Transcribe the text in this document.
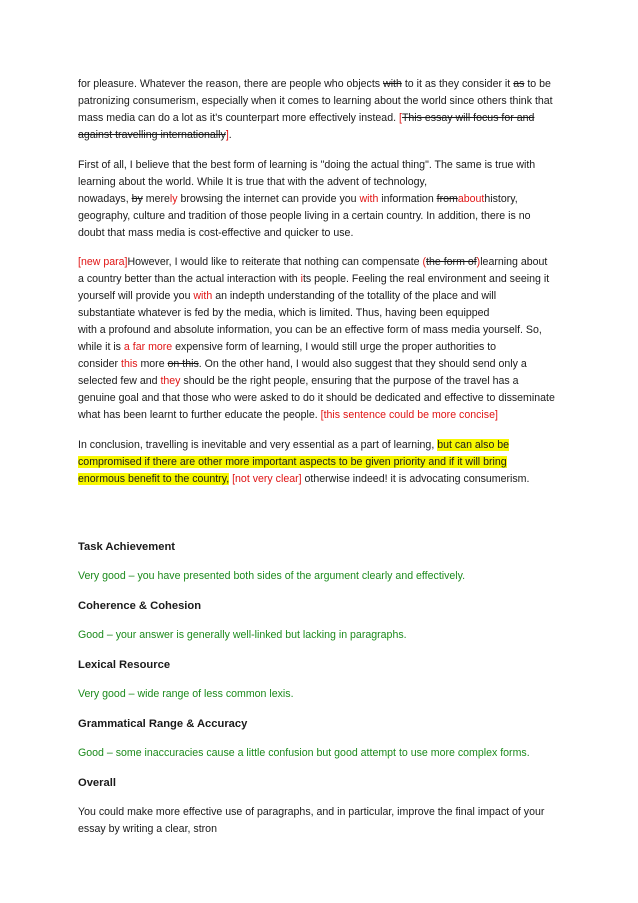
for pleasure. Whatever the reason, there are people who objects with to it as they consider it as to be
patronizing consumerism, especially when it comes to learning about the world since others think that
mass media can do a lot as it's counterpart more effectively instead. [This essay will focus for and
against travelling internationally].
First of all, I believe that the best form of learning is "doing the actual thing". The same is true with
learning about the world. While It is true that with the advent of technology,
nowadays, by merely browsing the internet can provide you with information fromabouthistory,
geography, culture and tradition of those people living in a certain country. In addition, there is no
doubt that mass media is cost-effective and quicker to use.
[new para]However, I would like to reiterate that nothing can compensate (the form of)learning about
a country better than the actual interaction with its people. Feeling the real environment and seeing it
yourself will provide you with an indepth understanding of the totallity of the place and will
substantiate whatever is fed by the media, which is limited. Thus, having been equipped
with a profound and absolute information, you can be an effective form of mass media yourself. So,
while it is a far more expensive form of learning, I would still urge the proper authorities to
consider this more on this. On the other hand, I would also suggest that they should send only a
selected few and they should be the right people, ensuring that the purpose of the travel has a
genuine goal and that those who were asked to do it should be dedicated and effective to disseminate
what has been learnt to further educate the people. [this sentence could be more concise]
In conclusion, travelling is inevitable and very essential as a part of learning, but can also be
compromised if there are other more important aspects to be given priority and if it will bring
enormous benefit to the country, [not very clear] otherwise indeed! it is advocating consumerism.
Task Achievement
Very good – you have presented both sides of the argument clearly and effectively.
Coherence & Cohesion
Good – your answer is generally well-linked but lacking in paragraphs.
Lexical Resource
Very good – wide range of less common lexis.
Grammatical Range & Accuracy
Good – some inaccuracies cause a little confusion but good attempt to use more complex forms.
Overall
You could make more effective use of paragraphs, and in particular, improve the final impact of your
essay by writing a clear, stron
